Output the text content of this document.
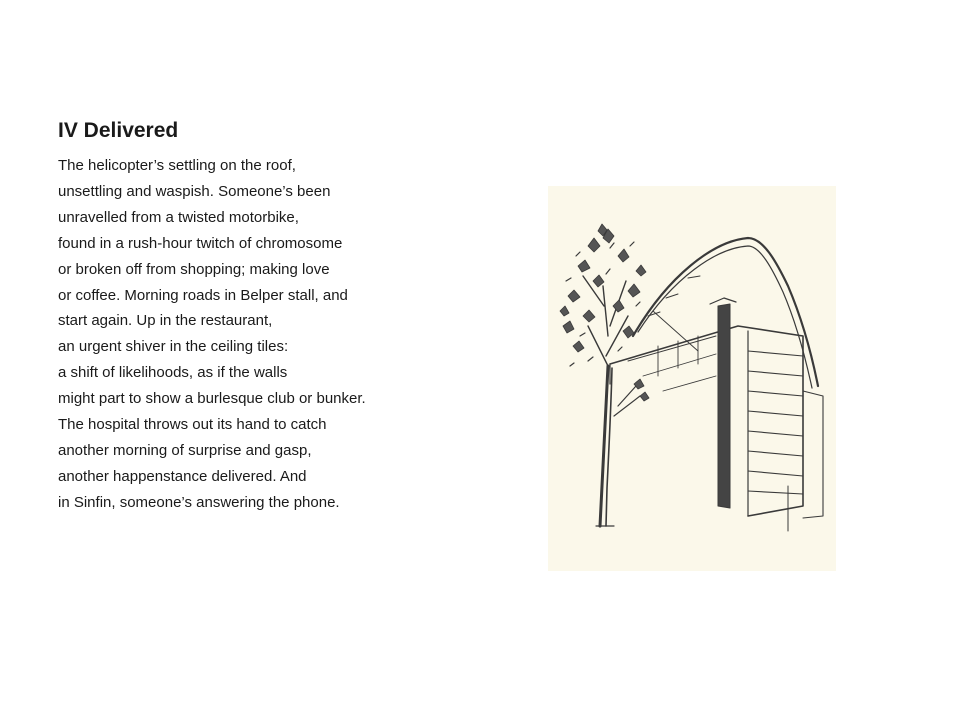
IV Delivered
The helicopter’s settling on the roof,
unsettling and waspish. Someone’s been
unravelled from a twisted motorbike,
found in a rush-hour twitch of chromosome
or broken off from shopping; making love
or coffee. Morning roads in Belper stall, and
start again. Up in the restaurant,
an urgent shiver in the ceiling tiles:
a shift of likelihoods, as if the walls
might part to show a burlesque club or bunker.
The hospital throws out its hand to catch
another morning of surprise and gasp,
another happenstance delivered. And
in Sinfin, someone’s answering the phone.
